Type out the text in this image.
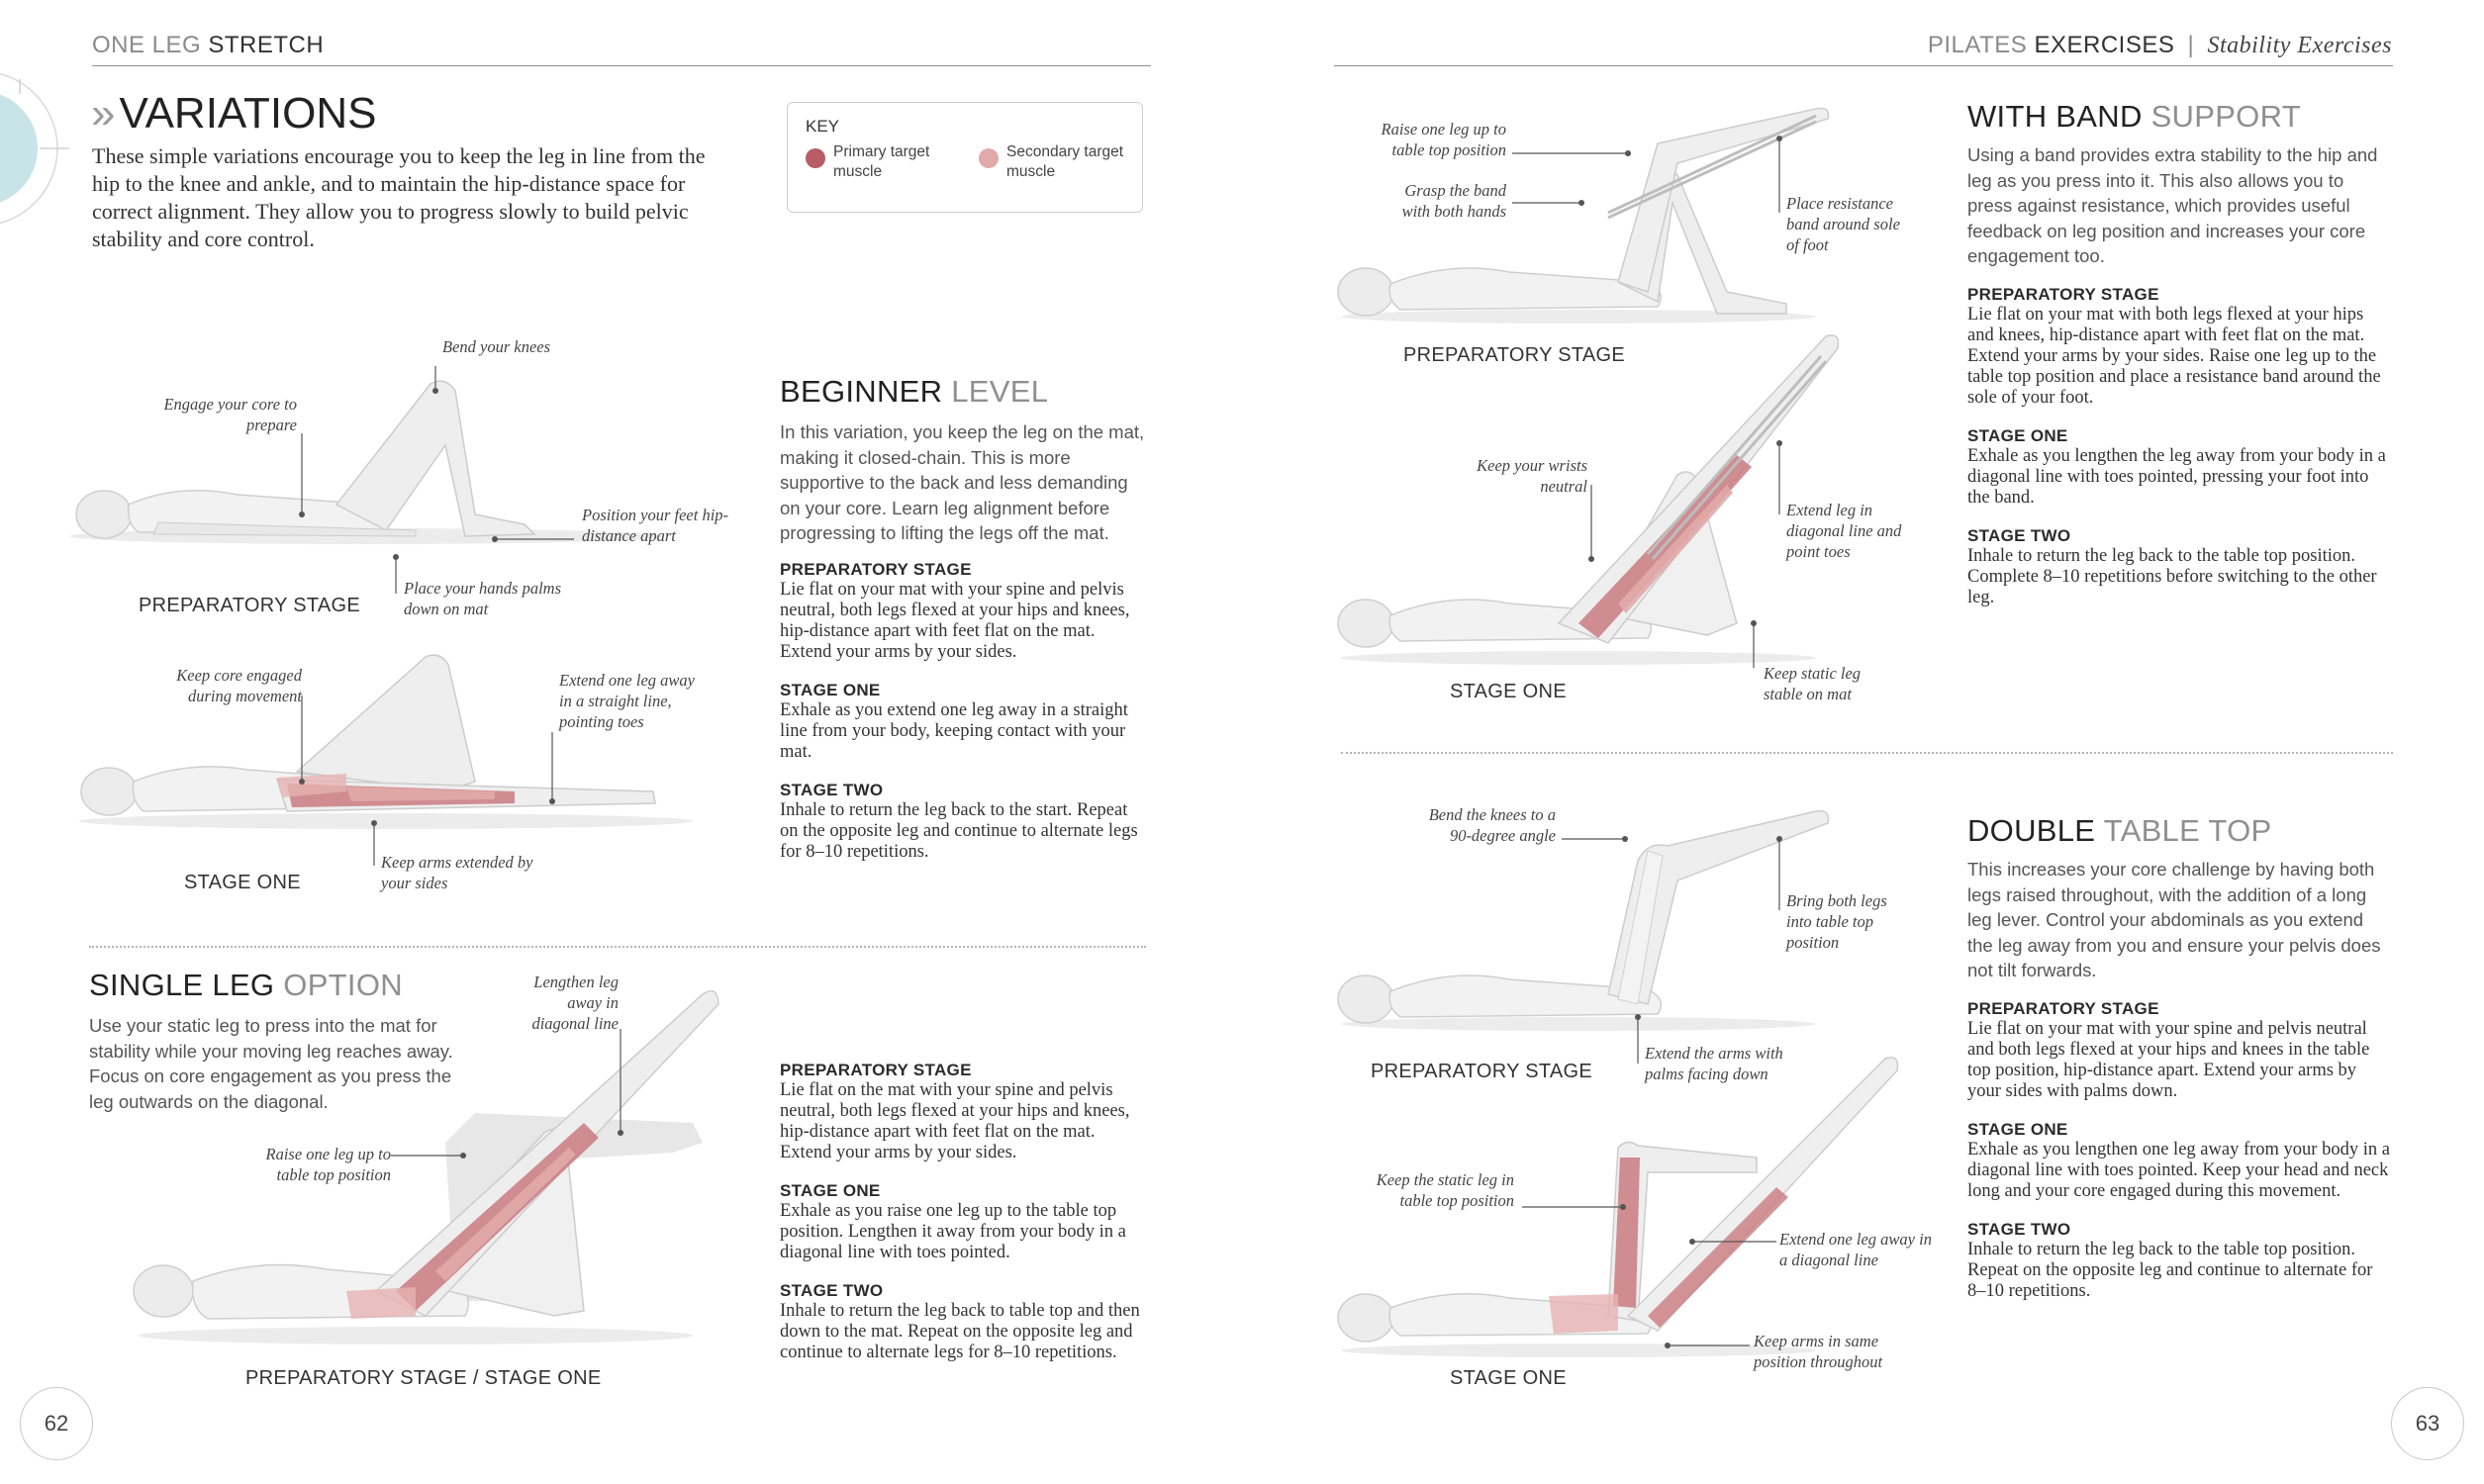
ONE LEG STRETCH	PILATES EXERCISES | Stability Exercises
»VARIATIONS
These simple variations encourage you to keep the leg in line from the hip to the knee and ankle, and to maintain the hip-distance space for correct alignment. They allow you to progress slowly to build pelvic stability and core control.
KEY
Primary target muscle
Secondary target muscle
Bend your knees
Engage your core to prepare
Position your feet hip-distance apart
Place your hands palms down on mat
PREPARATORY STAGE
Keep core engaged during movement
Extend one leg away in a straight line, pointing toes
Keep arms extended by your sides
STAGE ONE
BEGINNER LEVEL
In this variation, you keep the leg on the mat, making it closed-chain. This is more supportive to the back and less demanding on your core. Learn leg alignment before progressing to lifting the legs off the mat.

PREPARATORY STAGE

Lie flat on your mat with your spine and pelvis neutral, both legs flexed at your hips and knees, hip-distance apart with feet flat on the mat. Extend your arms by your sides.

STAGE ONE

Exhale as you extend one leg away in a straight line from your body, keeping contact with your mat.

STAGE TWO

Inhale to return the leg back to the start. Repeat on the opposite leg and continue to alternate legs for 8–10 repetitions.

SINGLE LEG OPTION
Use your static leg to press into the mat for stability while your moving leg reaches away. Focus on core engagement as you press the leg outwards on the diagonal.
Lengthen leg away in diagonal line
Raise one leg up to table top position
PREPARATORY STAGE / STAGE ONE

PREPARATORY STAGE

Lie flat on the mat with your spine and pelvis neutral, both legs flexed at your hips and knees, hip-distance apart with feet flat on the mat. Extend your arms by your sides.

STAGE ONE

Exhale as you raise one leg up to the table top position. Lengthen it away from your body in a diagonal line with toes pointed.

STAGE TWO

Inhale to return the leg back to table top and then down to the mat. Repeat on the opposite leg and continue to alternate legs for 8–10 repetitions.

Raise one leg up to table top position
Grasp the band with both hands	Place resistance band around sole of foot
PREPARATORY STAGE
Keep your wrists neutral
Extend leg in diagonal line and point toes
Keep static leg stable on mat
STAGE ONE
WITH BAND SUPPORT
Using a band provides extra stability to the hip and leg as you press into it. This also allows you to press against resistance, which provides useful feedback on leg position and increases your core engagement too.

PREPARATORY STAGE

Lie flat on your mat with both legs flexed at your hips and knees, hip-distance apart with feet flat on the mat. Extend your arms by your sides. Raise one leg up to the table top position and place a resistance band around the sole of your foot.

STAGE ONE

Exhale as you lengthen the leg away from your body in a diagonal line with toes pointed, pressing your foot into the band.

STAGE TWO

Inhale to return the leg back to the table top position. Complete 8–10 repetitions before switching to the other leg.

Bend the knees to a 90-degree angle
Bring both legs into table top position
Extend the arms with palms facing down
PREPARATORY STAGE
Keep the static leg in table top position
Extend one leg away in a diagonal line
Keep arms in same position throughout
STAGE ONE
DOUBLE TABLE TOP
This increases your core challenge by having both legs raised throughout, with the addition of a long leg lever. Control your abdominals as you extend the leg away from you and ensure your pelvis does not tilt forwards.

PREPARATORY STAGE

Lie flat on your mat with your spine and pelvis neutral and both legs flexed at your hips and knees in the table top position, hip-distance apart. Extend your arms by your sides with palms down.

STAGE ONE

Exhale as you lengthen one leg away from your body in a diagonal line with toes pointed. Keep your head and neck long and your core engaged during this movement.

STAGE TWO

Inhale to return the leg back to the table top position. Repeat on the opposite leg and continue to alternate for 8–10 repetitions.

62	63
